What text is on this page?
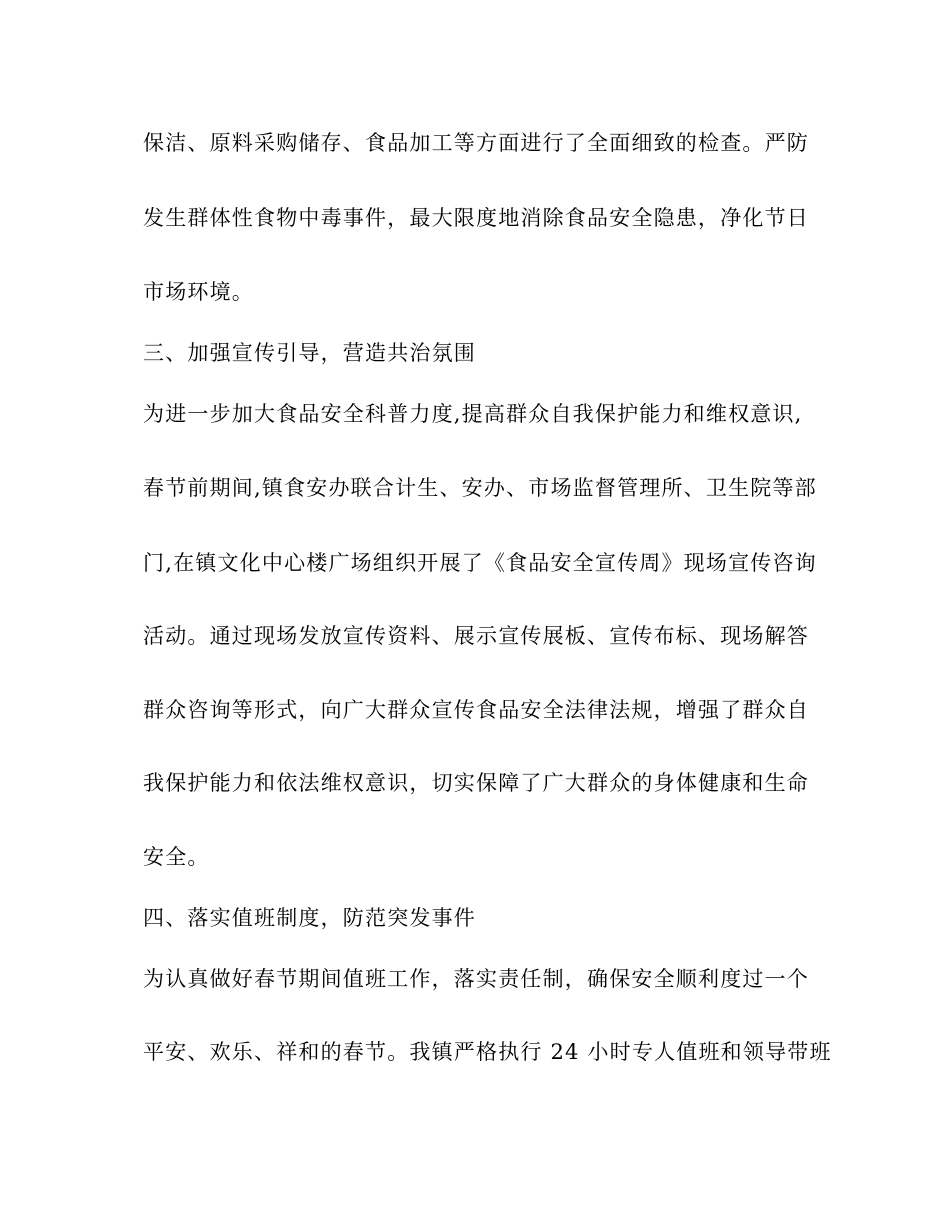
保洁、原料采购储存、食品加工等方面进行了全面细致的检查。严防
发生群体性食物中毒事件，最大限度地消除食品安全隐患，净化节日
市场环境。
三、加强宣传引导，营造共治氛围
为进一步加大食品安全科普力度,提高群众自我保护能力和维权意识,
春节前期间,镇食安办联合计生、安办、市场监督管理所、卫生院等部
门,在镇文化中心楼广场组织开展了《食品安全宣传周》现场宣传咨询
活动。通过现场发放宣传资料、展示宣传展板、宣传布标、现场解答
群众咨询等形式，向广大群众宣传食品安全法律法规，增强了群众自
我保护能力和依法维权意识，切实保障了广大群众的身体健康和生命
安全。
四、落实值班制度，防范突发事件
为认真做好春节期间值班工作，落实责任制，确保安全顺利度过一个
平安、欢乐、祥和的春节。我镇严格执行 24 小时专人值班和领导带班
